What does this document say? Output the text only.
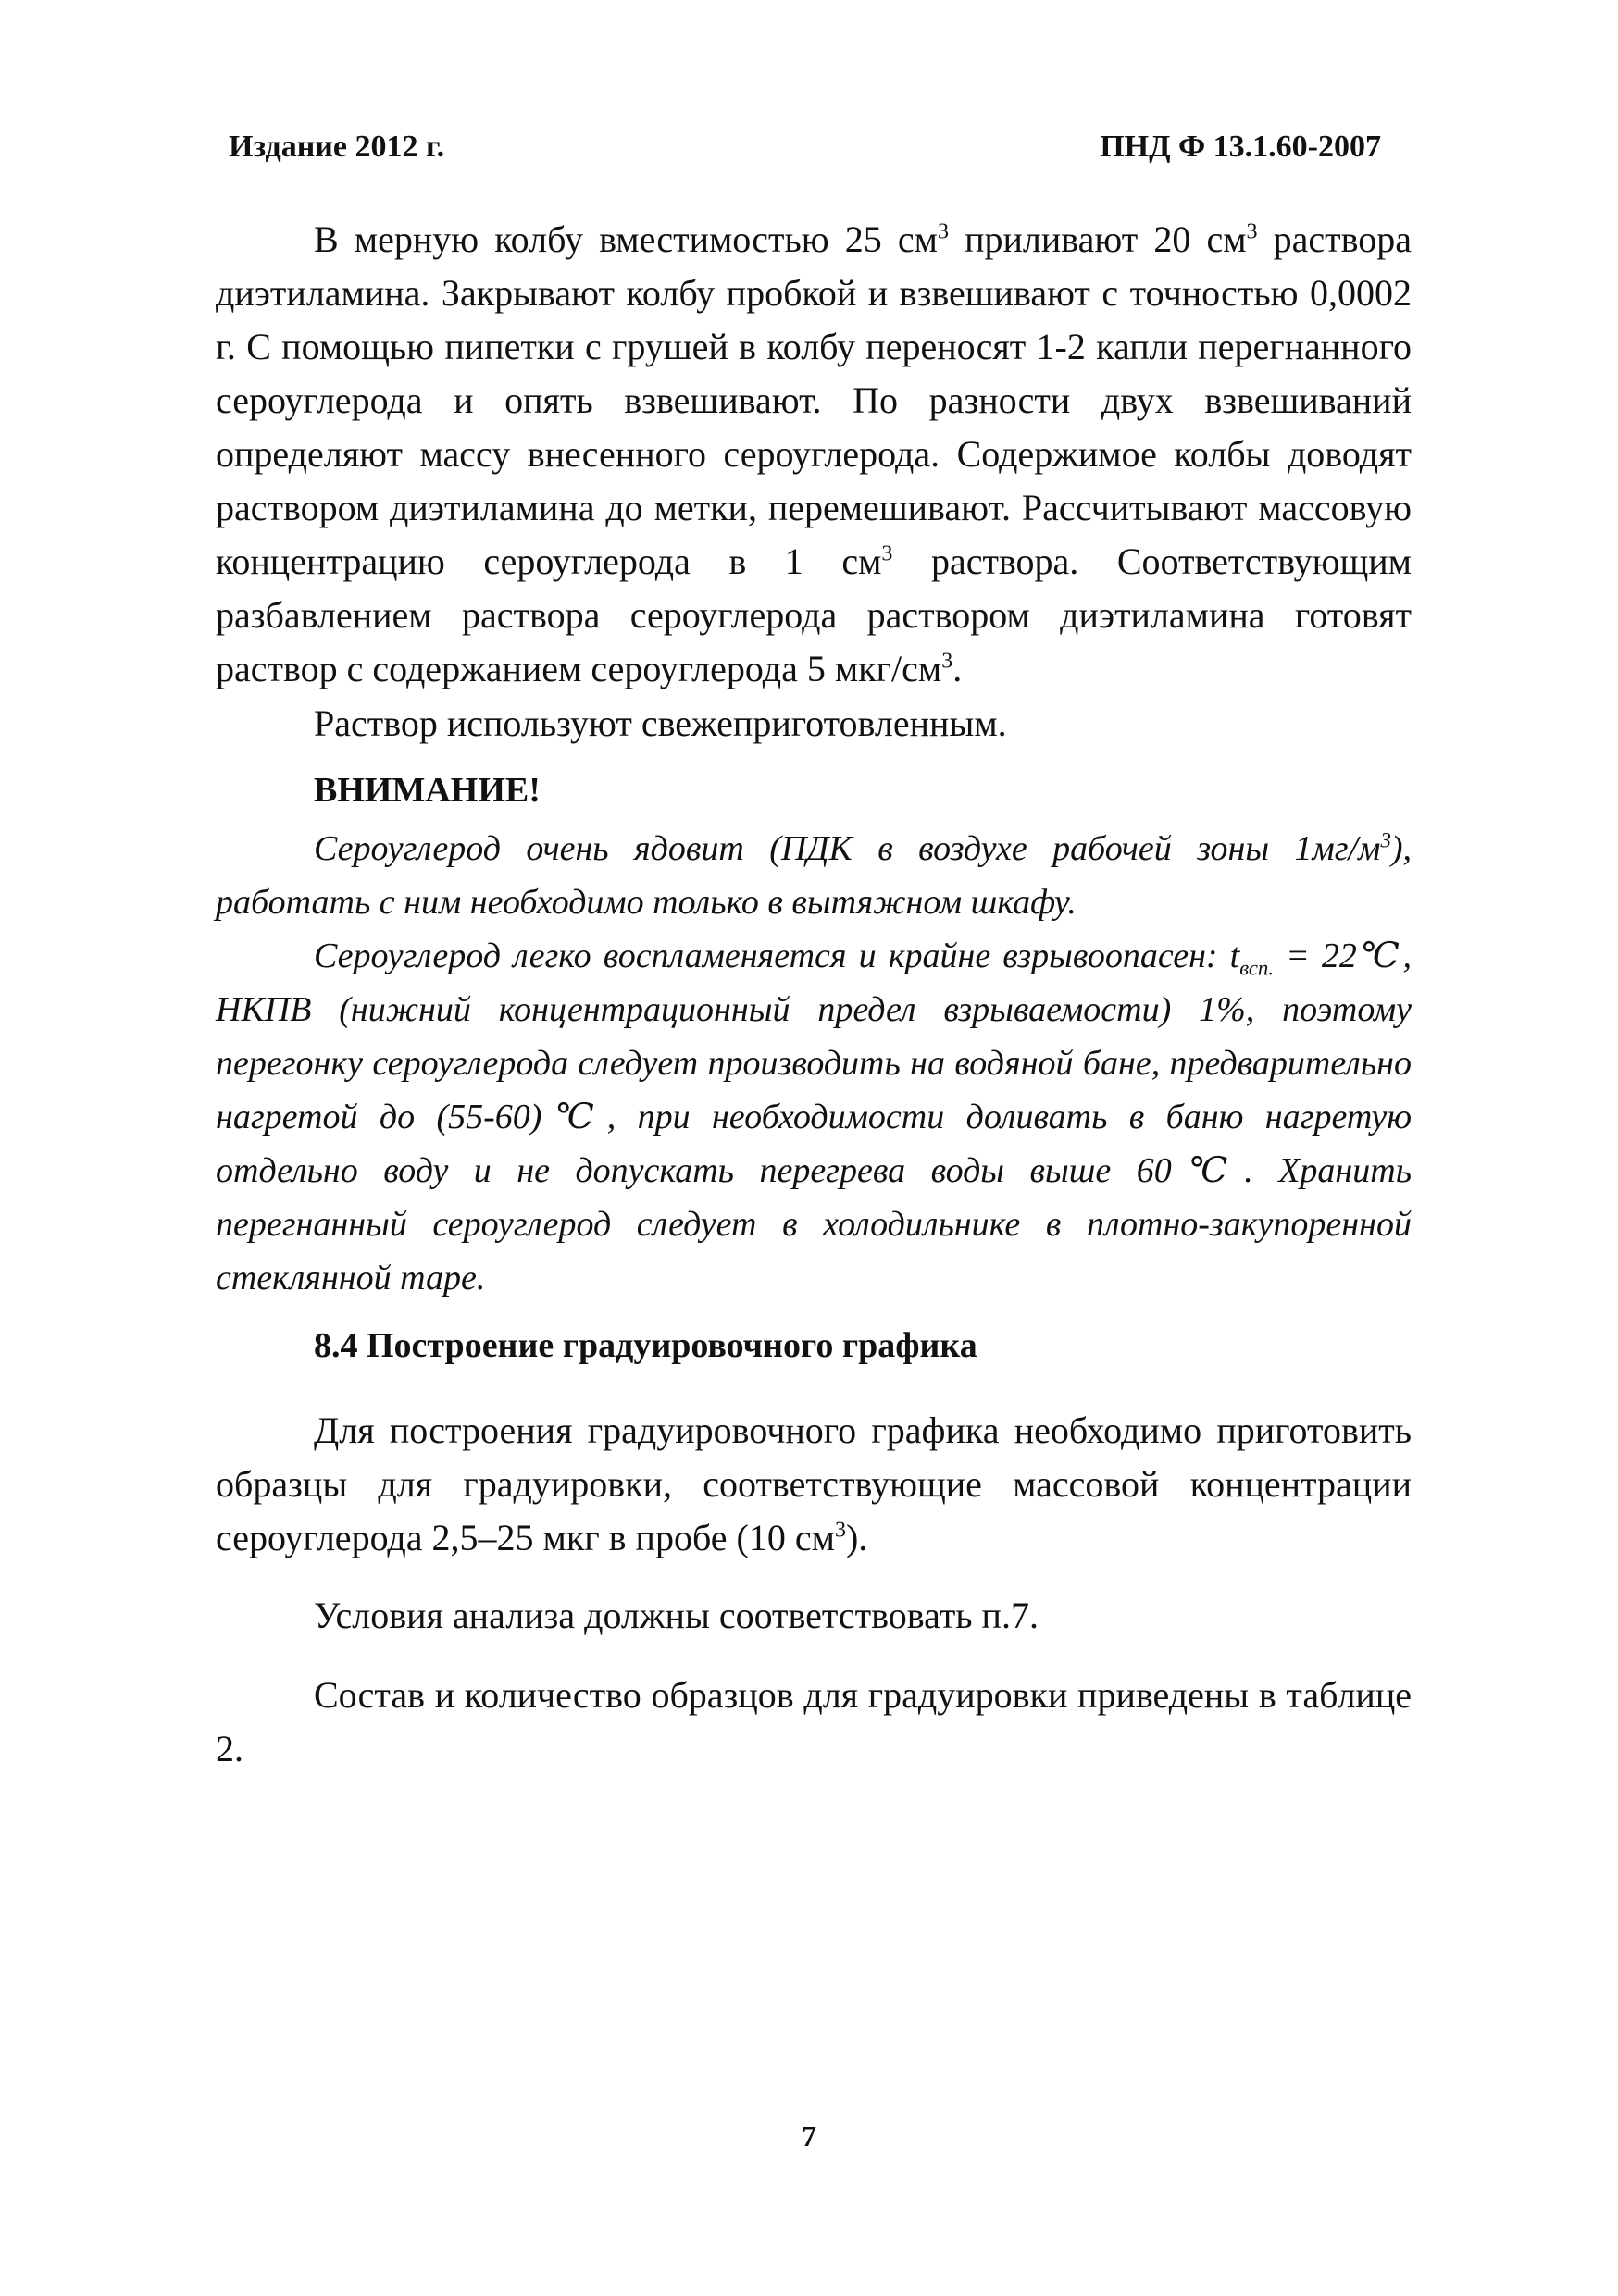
Издание 2012 г.	ПНД Ф 13.1.60-2007

В мерную колбу вместимостью 25 $см^3$ приливают 20 $см^3$ раствора диэтиламина. Закрывают колбу пробкой и взвешивают с точностью 0,0002 г. С помощью пипетки с грушей в колбу переносят 1-2 капли перегнанного сероуглерода и опять взвешивают. По разности двух взвешиваний определяют массу внесенного сероуглерода. Содержимое колбы доводят раствором диэтиламина до метки, перемешивают. Рассчитывают массовую концентрацию сероуглерода в 1 $см^3$ раствора. Соответствующим разбавлением раствора сероуглерода раствором диэтиламина готовят раствор с содержанием сероуглерода 5 мкг/$см^3$.

Раствор используют свежеприготовленным.

ВНИМАНИЕ!

Сероуглерод очень ядовит (ПДК в воздухе рабочей зоны $1мг/м^3$), работать с ним необходимо только в вытяжном шкафу.

Сероуглерод легко воспламеняется и крайне взрывоопасен: $t_{всп.}$ = 22℃, НКПВ (нижний концентрационный предел взрываемости) 1%, поэтому перегонку сероуглерода следует производить на водяной бане, предварительно нагретой до (55-60)℃, при необходимости доливать в баню нагретую отдельно воду и не допускать перегрева воды выше 60℃. Хранить перегнанный сероуглерод следует в холодильнике в плотно-закупоренной стеклянной таре.

8.4 Построение градуировочного графика

Для построения градуировочного графика необходимо приготовить образцы для градуировки, соответствующие массовой концентрации сероуглерода 2,5–25 мкг в пробе (10 $см^3$).

Условия анализа должны соответствовать п.7.

Состав и количество образцов для градуировки приведены в таблице 2.

7
